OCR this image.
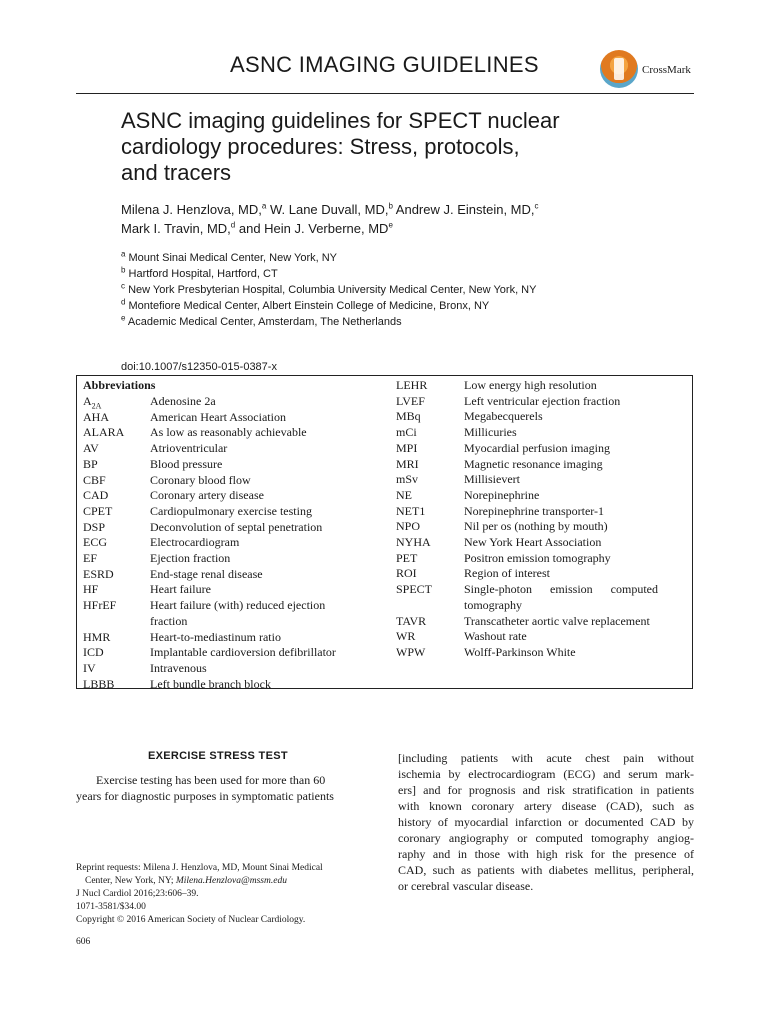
ASNC IMAGING GUIDELINES	CrossMark
ASNC imaging guidelines for SPECT nuclear
cardiology procedures: Stress, protocols,
and tracers
Milena J. Henzlova, MD,$^a$ W. Lane Duvall, MD,$^b$ Andrew J. Einstein, MD,$^c$
Mark I. Travin, MD,$^d$ and Hein J. Verberne, MDe
$^a$ Mount Sinai Medical Center, New York, NY
$^b$ Hartford Hospital, Hartford, CT
$^c$ New York Presbyterian Hospital, Columbia University Medical Center, New York, NY
$^d$ Montefiore Medical Center, Albert Einstein College of Medicine, Bronx, NY
$^e$ Academic Medical Center, Amsterdam, The Netherlands
doi:10.1007/s12350-015-0387-x
Abbreviations
$A_{2A}$	Adenosine 2a
AHA	American Heart Association
ALARA As low as reasonably achievable
AV	Atrioventricular
BP	Blood pressure
CBF	Coronary blood flow
CAD	Coronary artery disease
CPET	Cardiopulmonary exercise testing
DSP	Deconvolution of septal penetration
ECG	Electrocardiogram
EF	Ejection fraction
ESRD	End-stage renal disease
HF	Heart failure
HFrEF	Heart failure (with) reduced ejection
fraction
HMR	Heart-to-mediastinum ratio
ICD	Implantable cardioversion defibrillator
IV	Intravenous
LBBB	Left bundle branch block
LEHR	Low energy high resolution
LVEF	Left ventricular ejection fraction
MBq	Megabecquerels
mCi	Millicuries
MPI	Myocardial perfusion imaging
MRI	Magnetic resonance imaging
mSv	Millisievert
NE	Norepinephrine
NET1	Norepinephrine transporter-1
NPO	Nil per os (nothing by mouth)
NYHA	New York Heart Association
PET	Positron emission tomography
ROI	Region of interest
SPECT	Single-photon      emission      computed
tomography
TAVR	Transcatheter aortic valve replacement
WR	Washout rate
WPW	Wolff-Parkinson White
EXERCISE STRESS TEST
Exercise testing has been used for more than 60
years for diagnostic purposes in symptomatic patients
[including patients with acute chest pain without
ischemia by electrocardiogram (ECG) and serum mark-
ers] and for prognosis and risk stratification in patients
with known coronary artery disease (CAD), such as
history of myocardial infarction or documented CAD by
coronary angiography or computed tomography angiog-
raphy and in those with high risk for the presence of
CAD, such as patients with diabetes mellitus, peripheral,
or cerebral vascular disease.
Reprint requests: Milena J. Henzlova, MD, Mount Sinai Medical
Center, New York, NY; Milena.Henzlova@mssm.edu
J Nucl Cardiol 2016;23:606–39.
1071-3581/$34.00
Copyright © 2016 American Society of Nuclear Cardiology.
606
